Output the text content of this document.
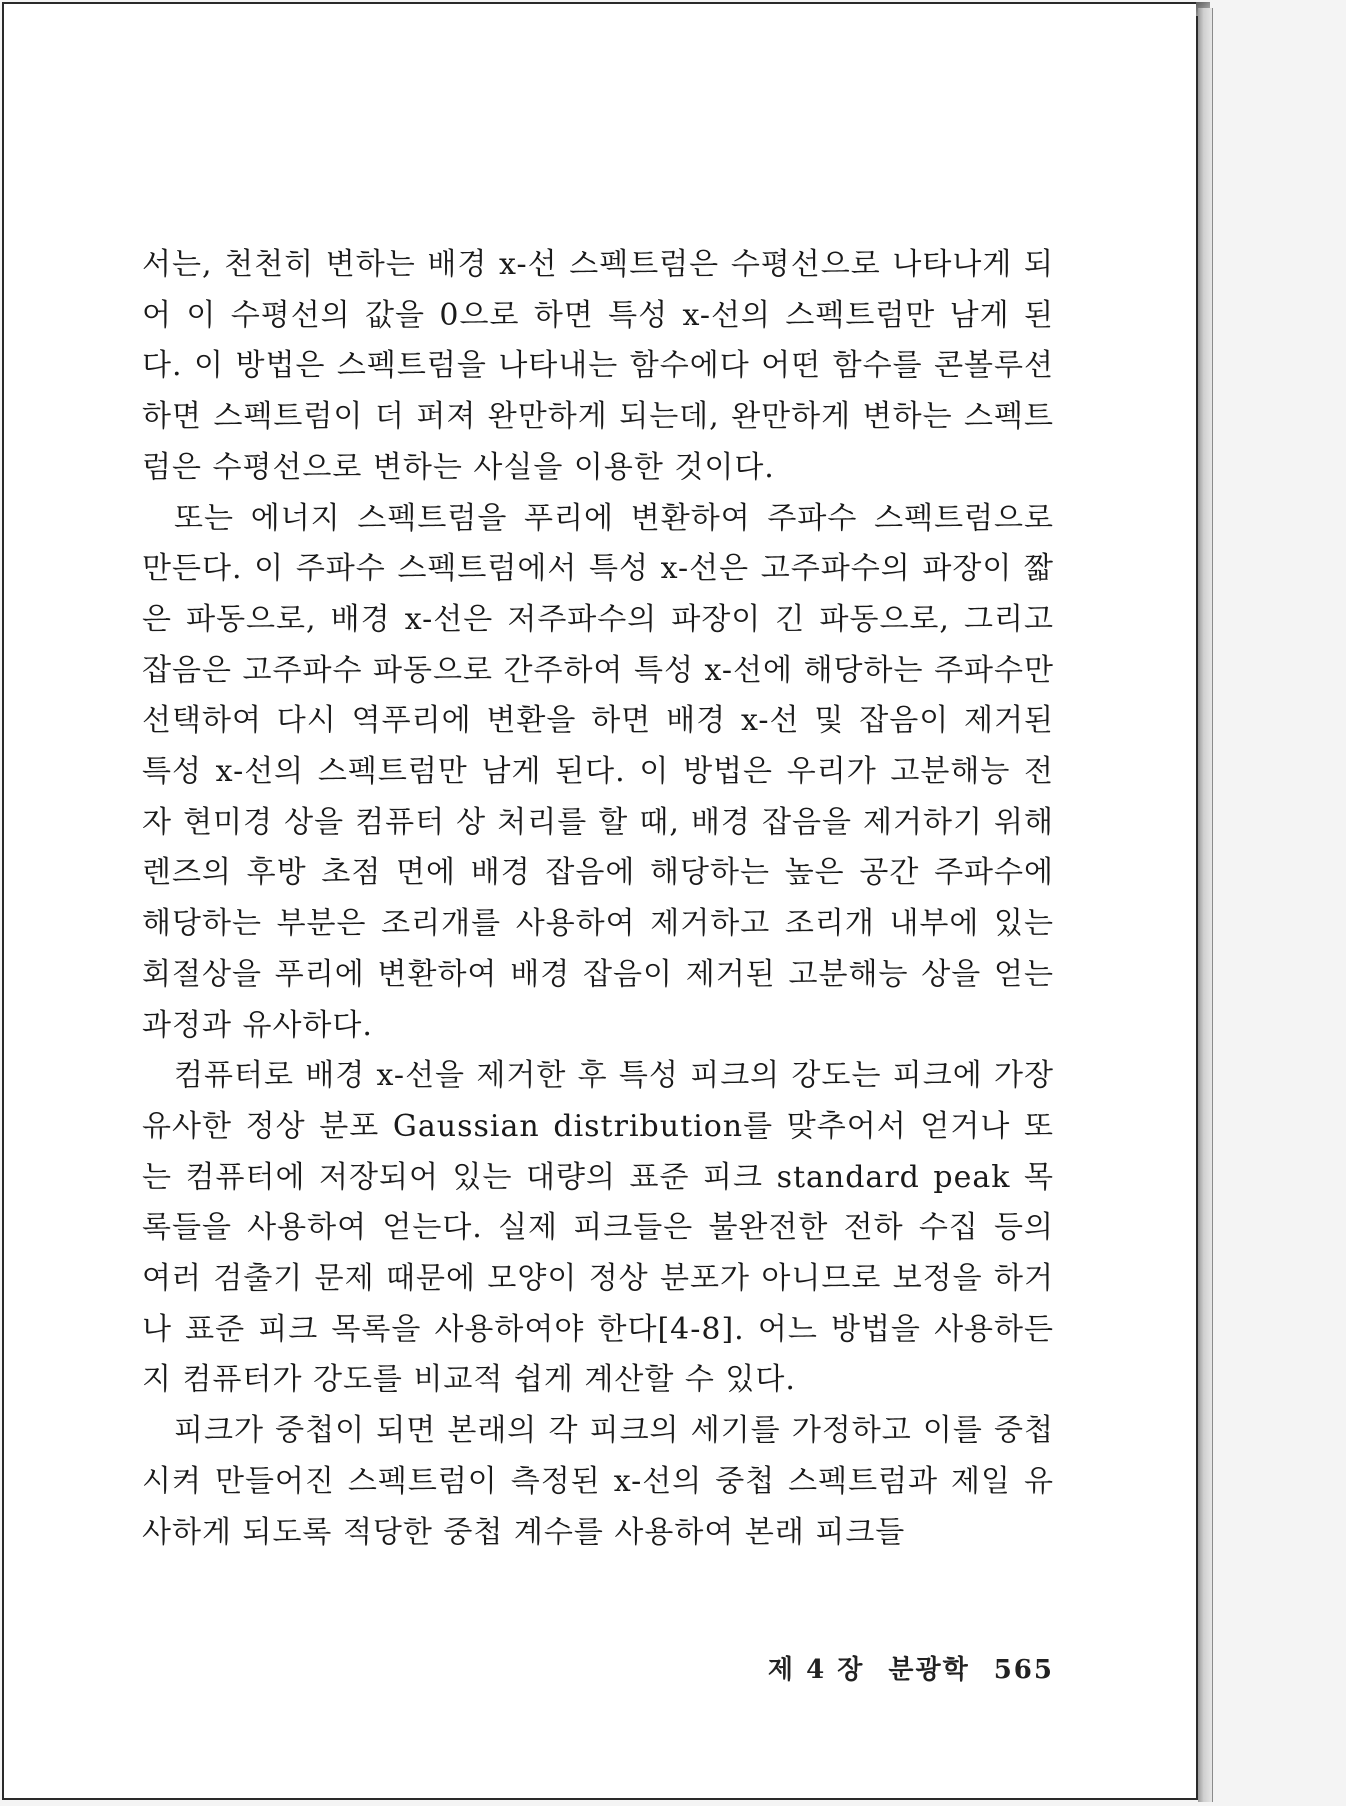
서는, 천천히 변하는 배경 x-선 스펙트럼은 수평선으로 나타나게 되어 이 수평선의 값을 0으로 하면 특성 x-선의 스펙트럼만 남게 된다. 이 방법은 스펙트럼을 나타내는 함수에다 어떤 함수를 콘볼루션하면 스펙트럼이 더 퍼져 완만하게 되는데, 완만하게 변하는 스펙트럼은 수평선으로 변하는 사실을 이용한 것이다.

또는 에너지 스펙트럼을 푸리에 변환하여 주파수 스펙트럼으로 만든다. 이 주파수 스펙트럼에서 특성 x-선은 고주파수의 파장이 짧은 파동으로, 배경 x-선은 저주파수의 파장이 긴 파동으로, 그리고 잡음은 고주파수 파동으로 간주하여 특성 x-선에 해당하는 주파수만 선택하여 다시 역푸리에 변환을 하면 배경 x-선 및 잡음이 제거된 특성 x-선의 스펙트럼만 남게 된다. 이 방법은 우리가 고분해능 전자 현미경 상을 컴퓨터 상 처리를 할 때, 배경 잡음을 제거하기 위해 렌즈의 후방 초점 면에 배경 잡음에 해당하는 높은 공간 주파수에 해당하는 부분은 조리개를 사용하여 제거하고 조리개 내부에 있는 회절상을 푸리에 변환하여 배경 잡음이 제거된 고분해능 상을 얻는 과정과 유사하다.

컴퓨터로 배경 x-선을 제거한 후 특성 피크의 강도는 피크에 가장 유사한 정상 분포 Gaussian distribution를 맞추어서 얻거나 또는 컴퓨터에 저장되어 있는 대량의 표준 피크 standard peak 목록들을 사용하여 얻는다. 실제 피크들은 불완전한 전하 수집 등의 여러 검출기 문제 때문에 모양이 정상 분포가 아니므로 보정을 하거나 표준 피크 목록을 사용하여야 한다[4-8]. 어느 방법을 사용하든지 컴퓨터가 강도를 비교적 쉽게 계산할 수 있다.

피크가 중첩이 되면 본래의 각 피크의 세기를 가정하고 이를 중첩시켜 만들어진 스펙트럼이 측정된 x-선의 중첩 스펙트럼과 제일 유사하게 되도록 적당한 중첩 계수를 사용하여 본래 피크들

제 4 장 분광학 565
